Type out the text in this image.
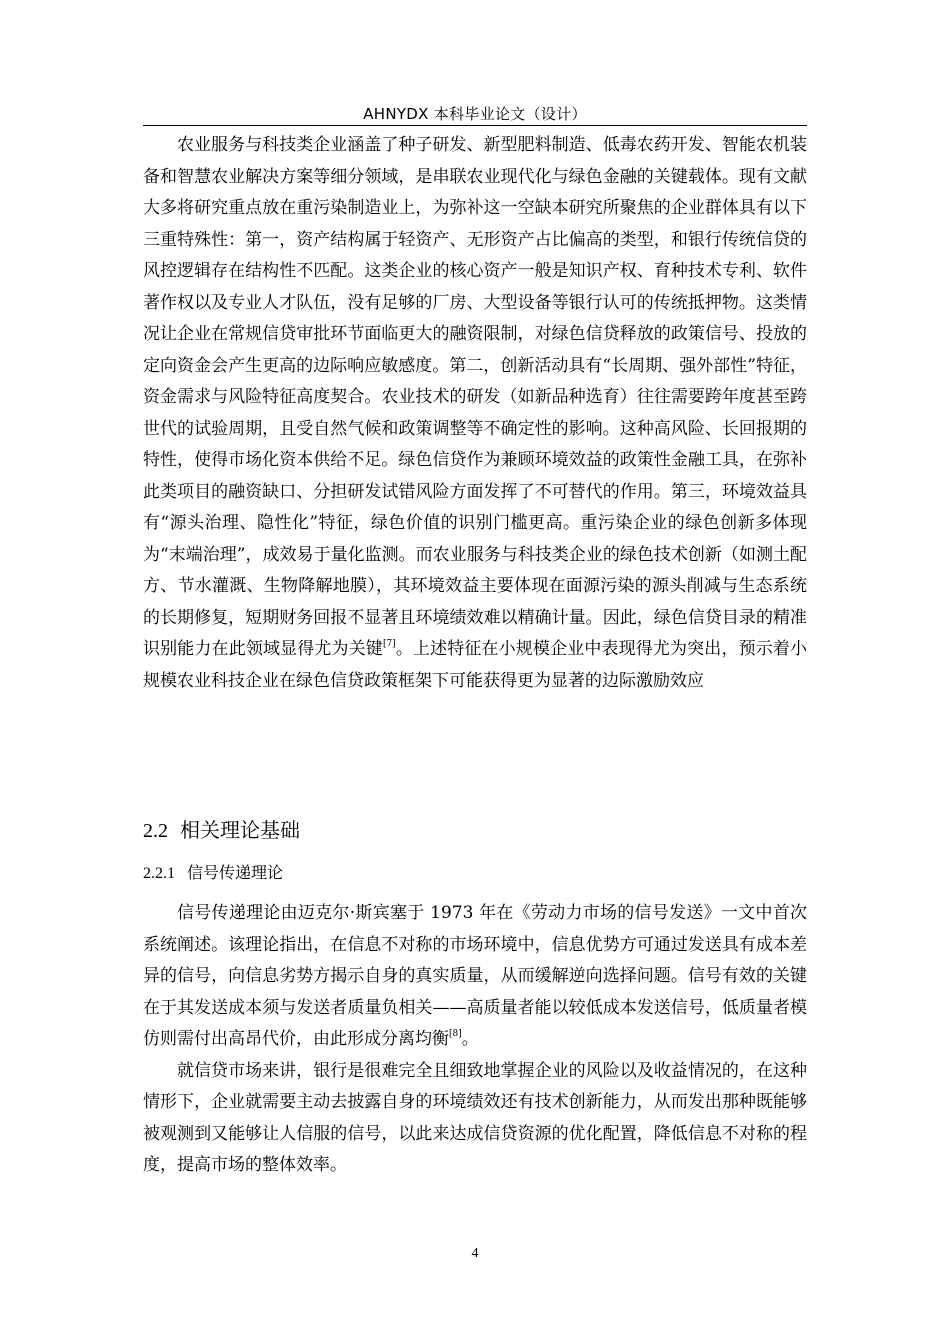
AHNYDX 本科毕业论文（设计）

农业服务与科技类企业涵盖了种子研发、新型肥料制造、低毒农药开发、智能农机装备和智慧农业解决方案等细分领域，是串联农业现代化与绿色金融的关键载体。现有文献大多将研究重点放在重污染制造业上，为弥补这一空缺本研究所聚焦的企业群体具有以下三重特殊性：第一，资产结构属于轻资产、无形资产占比偏高的类型，和银行传统信贷的风控逻辑存在结构性不匹配。这类企业的核心资产一般是知识产权、育种技术专利、软件著作权以及专业人才队伍，没有足够的厂房、大型设备等银行认可的传统抵押物。这类情况让企业在常规信贷审批环节面临更大的融资限制，对绿色信贷释放的政策信号、投放的定向资金会产生更高的边际响应敏感度。第二，创新活动具有“长周期、强外部性”特征，资金需求与风险特征高度契合。农业技术的研发（如新品种选育）往往需要跨年度甚至跨世代的试验周期，且受自然气候和政策调整等不确定性的影响。这种高风险、长回报期的特性，使得市场化资本供给不足。绿色信贷作为兼顾环境效益的政策性金融工具，在弥补此类项目的融资缺口、分担研发试错风险方面发挥了不可替代的作用。第三，环境效益具有“源头治理、隐性化”特征，绿色价值的识别门槛更高。重污染企业的绿色创新多体现为“末端治理”，成效易于量化监测。而农业服务与科技类企业的绿色技术创新（如测土配方、节水灌溉、生物降解地膜），其环境效益主要体现在面源污染的源头削减与生态系统的长期修复，短期财务回报不显著且环境绩效难以精确计量。因此，绿色信贷目录的精准识别能力在此领域显得尤为关键[7]。上述特征在小规模企业中表现得尤为突出，预示着小规模农业科技企业在绿色信贷政策框架下可能获得更为显著的边际激励效应

2.2 相关理论基础
2.2.1 信号传递理论

信号传递理论由迈克尔·斯宾塞于 1973 年在《劳动力市场的信号发送》一文中首次系统阐述。该理论指出，在信息不对称的市场环境中，信息优势方可通过发送具有成本差异的信号，向信息劣势方揭示自身的真实质量，从而缓解逆向选择问题。信号有效的关键在于其发送成本须与发送者质量负相关——高质量者能以较低成本发送信号，低质量者模仿则需付出高昂代价，由此形成分离均衡[8]。

就信贷市场来讲，银行是很难完全且细致地掌握企业的风险以及收益情况的，在这种情形下，企业就需要主动去披露自身的环境绩效还有技术创新能力，从而发出那种既能够被观测到又能够让人信服的信号，以此来达成信贷资源的优化配置，降低信息不对称的程度，提高市场的整体效率。

4
